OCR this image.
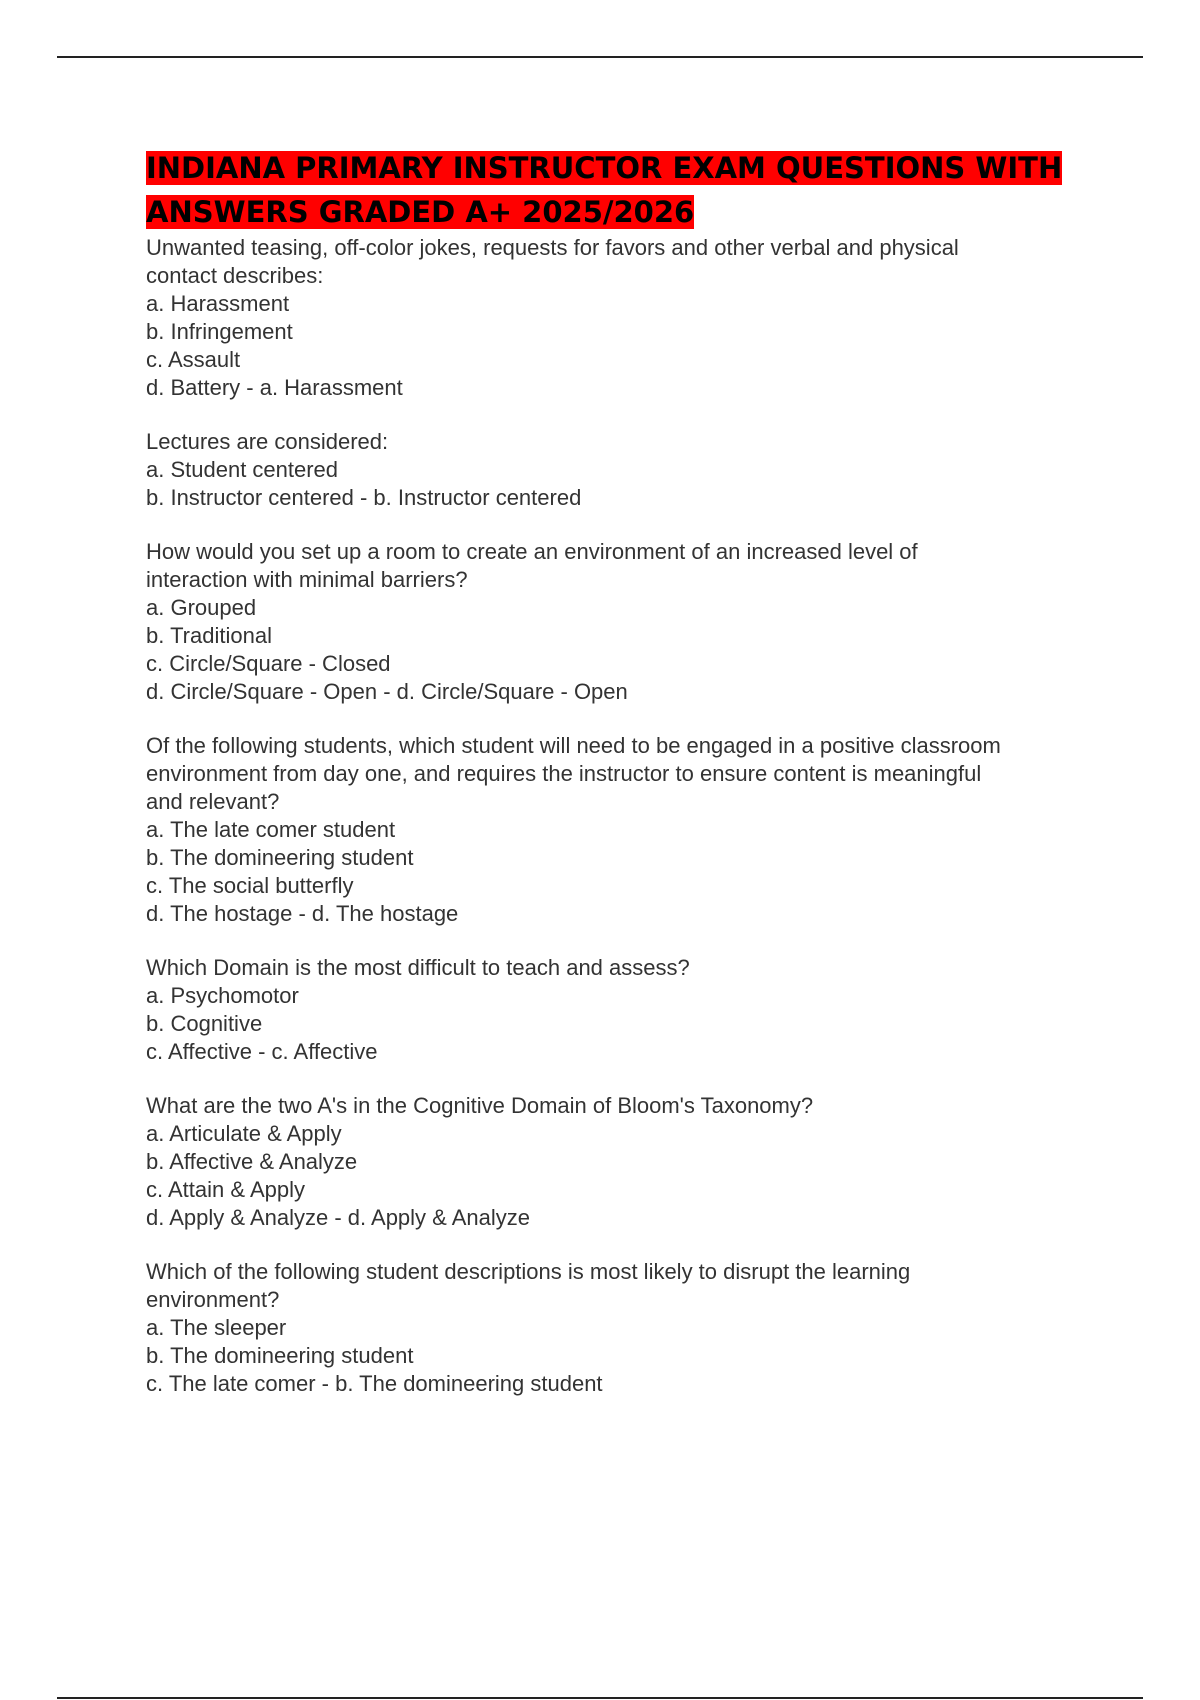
INDIANA PRIMARY INSTRUCTOR EXAM QUESTIONS WITH
ANSWERS GRADED A+ 2025/2026

Unwanted teasing, off-color jokes, requests for favors and other verbal and physical

contact describes:

a. Harassment

b. Infringement

c. Assault

d. Battery - a. Harassment

Lectures are considered:

a. Student centered

b. Instructor centered - b. Instructor centered

How would you set up a room to create an environment of an increased level of

interaction with minimal barriers?

a. Grouped

b. Traditional

c. Circle/Square - Closed

d. Circle/Square - Open - d. Circle/Square - Open

Of the following students, which student will need to be engaged in a positive classroom

environment from day one, and requires the instructor to ensure content is meaningful

and relevant?

a. The late comer student

b. The domineering student

c. The social butterfly

d. The hostage - d. The hostage

Which Domain is the most difficult to teach and assess?

a. Psychomotor

b. Cognitive

c. Affective - c. Affective

What are the two A's in the Cognitive Domain of Bloom's Taxonomy?

a. Articulate & Apply

b. Affective & Analyze

c. Attain & Apply

d. Apply & Analyze - d. Apply & Analyze

Which of the following student descriptions is most likely to disrupt the learning

environment?

a. The sleeper

b. The domineering student

c. The late comer - b. The domineering student
